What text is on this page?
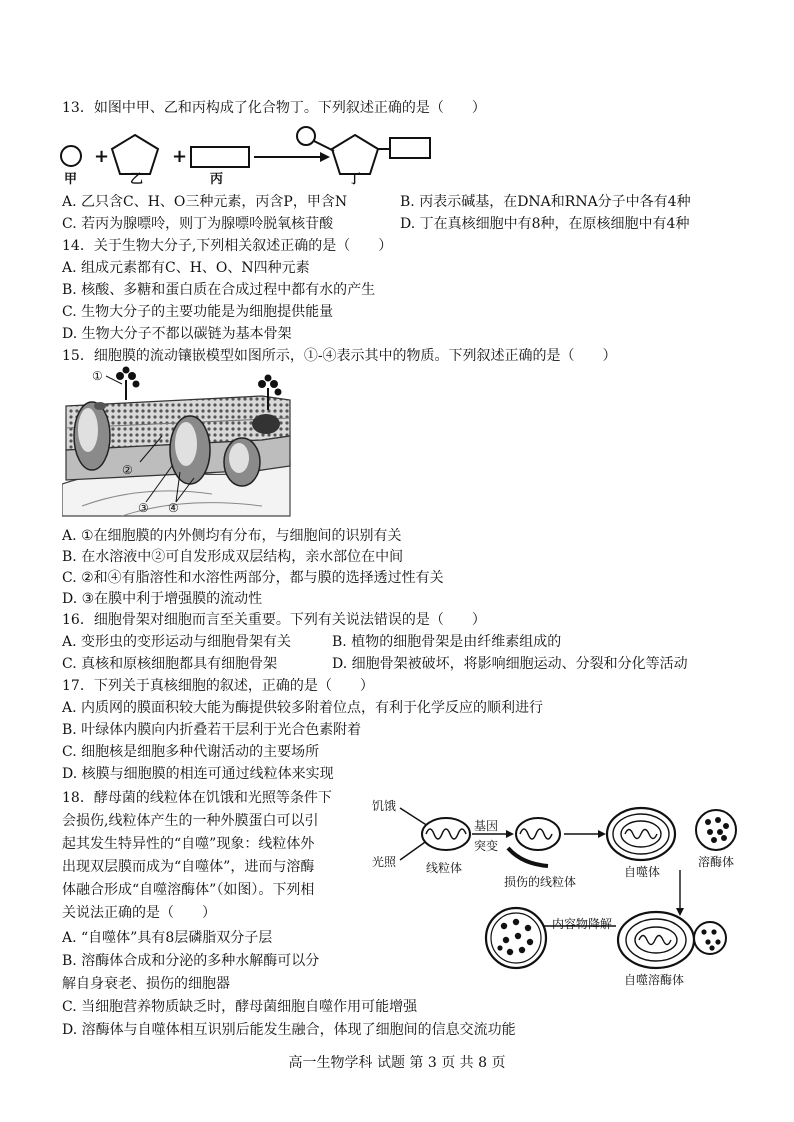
13．如图中甲、乙和丙构成了化合物丁。下列叙述正确的是（　　）
+	+
甲	乙	丙	丁
A. 乙只含C、H、O三种元素，丙含P，甲含N	B. 丙表示碱基，在DNA和RNA分子中各有4种
C. 若丙为腺嘌呤，则丁为腺嘌呤脱氧核苷酸	D. 丁在真核细胞中有8种，在原核细胞中有4种
14．关于生物大分子,下列相关叙述正确的是（　　）
A. 组成元素都有C、H、O、N四种元素
B. 核酸、多糖和蛋白质在合成过程中都有水的产生
C. 生物大分子的主要功能是为细胞提供能量
D. 生物大分子不都以碳链为基本骨架
15．细胞膜的流动镶嵌模型如图所示，①-④表示其中的物质。下列叙述正确的是（　　）
①
②
③ ④
A. ①在细胞膜的内外侧均有分布，与细胞间的识别有关
B. 在水溶液中②可自发形成双层结构，亲水部位在中间
C. ②和④有脂溶性和水溶性两部分，都与膜的选择透过性有关
D. ③在膜中利于增强膜的流动性
16．细胞骨架对细胞而言至关重要。下列有关说法错误的是（　　）
A. 变形虫的变形运动与细胞骨架有关	B. 植物的细胞骨架是由纤维素组成的
C. 真核和原核细胞都具有细胞骨架	D. 细胞骨架被破坏，将影响细胞运动、分裂和分化等活动
17．下列关于真核细胞的叙述，正确的是（　　）
A. 内质网的膜面积较大能为酶提供较多附着位点，有利于化学反应的顺利进行
B. 叶绿体内膜向内折叠若干层利于光合色素附着
C. 细胞核是细胞多种代谢活动的主要场所
D. 核膜与细胞膜的相连可通过线粒体来实现
18．酵母菌的线粒体在饥饿和光照等条件下
会损伤,线粒体产生的一种外膜蛋白可以引
起其发生特异性的“自噬”现象：线粒体外
出现双层膜而成为“自噬体”，进而与溶酶
体融合形成“自噬溶酶体”（如图）。下列相
关说法正确的是（　　）
A. “自噬体”具有8层磷脂双分子层
B. 溶酶体合成和分泌的多种水解酶可以分
解自身衰老、损伤的细胞器
C. 当细胞营养物质缺乏时，酵母菌细胞自噬作用可能增强
D. 溶酶体与自噬体相互识别后能发生融合，体现了细胞间的信息交流功能
饥饿
光照 线粒体
基因
突变
损伤的线粒体
自噬体
溶酶体
内容物降解
自噬溶酶体
高一生物学科 试题 第 3 页 共 8 页
